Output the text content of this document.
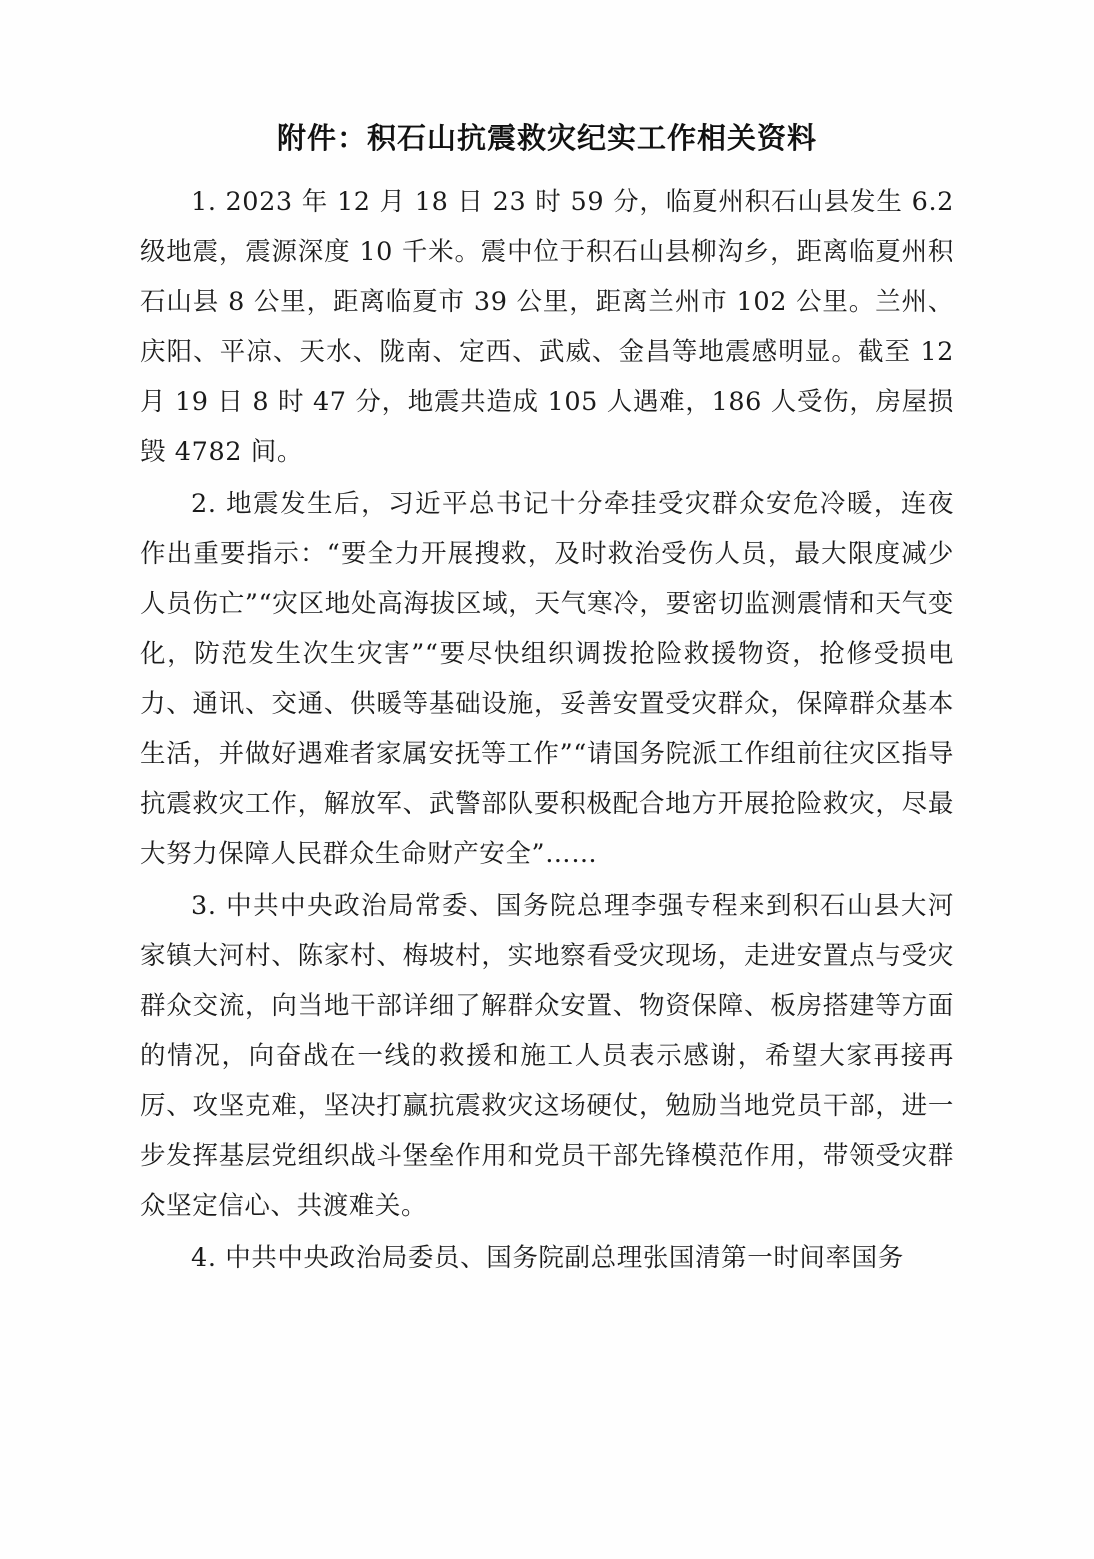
附件：积石山抗震救灾纪实工作相关资料

1. 2023 年 12 月 18 日 23 时 59 分，临夏州积石山县发生 6.2 级地震，震源深度 10 千米。震中位于积石山县柳沟乡，距离临夏州积石山县 8 公里，距离临夏市 39 公里，距离兰州市 102 公里。兰州、庆阳、平凉、天水、陇南、定西、武威、金昌等地震感明显。截至 12 月 19 日 8 时 47 分，地震共造成 105 人遇难，186 人受伤，房屋损毁 4782 间。

2. 地震发生后，习近平总书记十分牵挂受灾群众安危冷暖，连夜作出重要指示：“要全力开展搜救，及时救治受伤人员，最大限度减少人员伤亡”“灾区地处高海拔区域，天气寒冷，要密切监测震情和天气变化，防范发生次生灾害”“要尽快组织调拨抢险救援物资，抢修受损电力、通讯、交通、供暖等基础设施，妥善安置受灾群众，保障群众基本生活，并做好遇难者家属安抚等工作”“请国务院派工作组前往灾区指导抗震救灾工作，解放军、武警部队要积极配合地方开展抢险救灾，尽最大努力保障人民群众生命财产安全”……

3. 中共中央政治局常委、国务院总理李强专程来到积石山县大河家镇大河村、陈家村、梅坡村，实地察看受灾现场，走进安置点与受灾群众交流，向当地干部详细了解群众安置、物资保障、板房搭建等方面的情况，向奋战在一线的救援和施工人员表示感谢，希望大家再接再厉、攻坚克难，坚决打赢抗震救灾这场硬仗，勉励当地党员干部，进一步发挥基层党组织战斗堡垒作用和党员干部先锋模范作用，带领受灾群众坚定信心、共渡难关。

4. 中共中央政治局委员、国务院副总理张国清第一时间率国务
